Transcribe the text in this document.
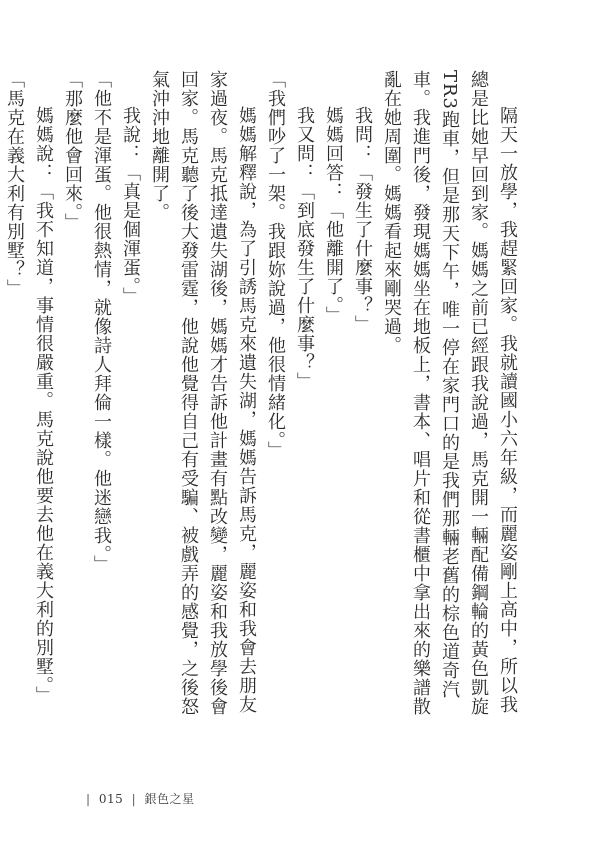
隔天一放學，我趕緊回家。我就讀國小六年級，而麗姿剛上高中，所以我總是比她早回到家。媽媽之前已經跟我說過，馬克開一輛配備鋼輪的黃色凱旋TR3跑車，但是那天下午，唯一停在家門口的是我們那輛老舊的棕色道奇汽車。我進門後，發現媽媽坐在地板上，書本、唱片和從書櫃中拿出來的樂譜散亂在她周圍。媽媽看起來剛哭過。

我問：「發生了什麼事？」

媽媽回答：「他離開了。」

我又問：「到底發生了什麼事？」

「我們吵了一架。我跟妳說過，他很情緒化。」

媽媽解釋說，為了引誘馬克來遺失湖，媽媽告訴馬克，麗姿和我會去朋友家過夜。馬克抵達遺失湖後，媽媽才告訴他計畫有點改變，麗姿和我放學後會回家。馬克聽了後大發雷霆，他說他覺得自己有受騙、被戲弄的感覺，之後怒氣沖沖地離開了。

我說：「真是個渾蛋。」

「他不是渾蛋。他很熱情，就像詩人拜倫一樣。他迷戀我。」

「那麼他會回來。」

媽媽說：「我不知道，事情很嚴重。馬克說他要去他在義大利的別墅。」

「馬克在義大利有別墅？」

| 015 | 銀色之星
